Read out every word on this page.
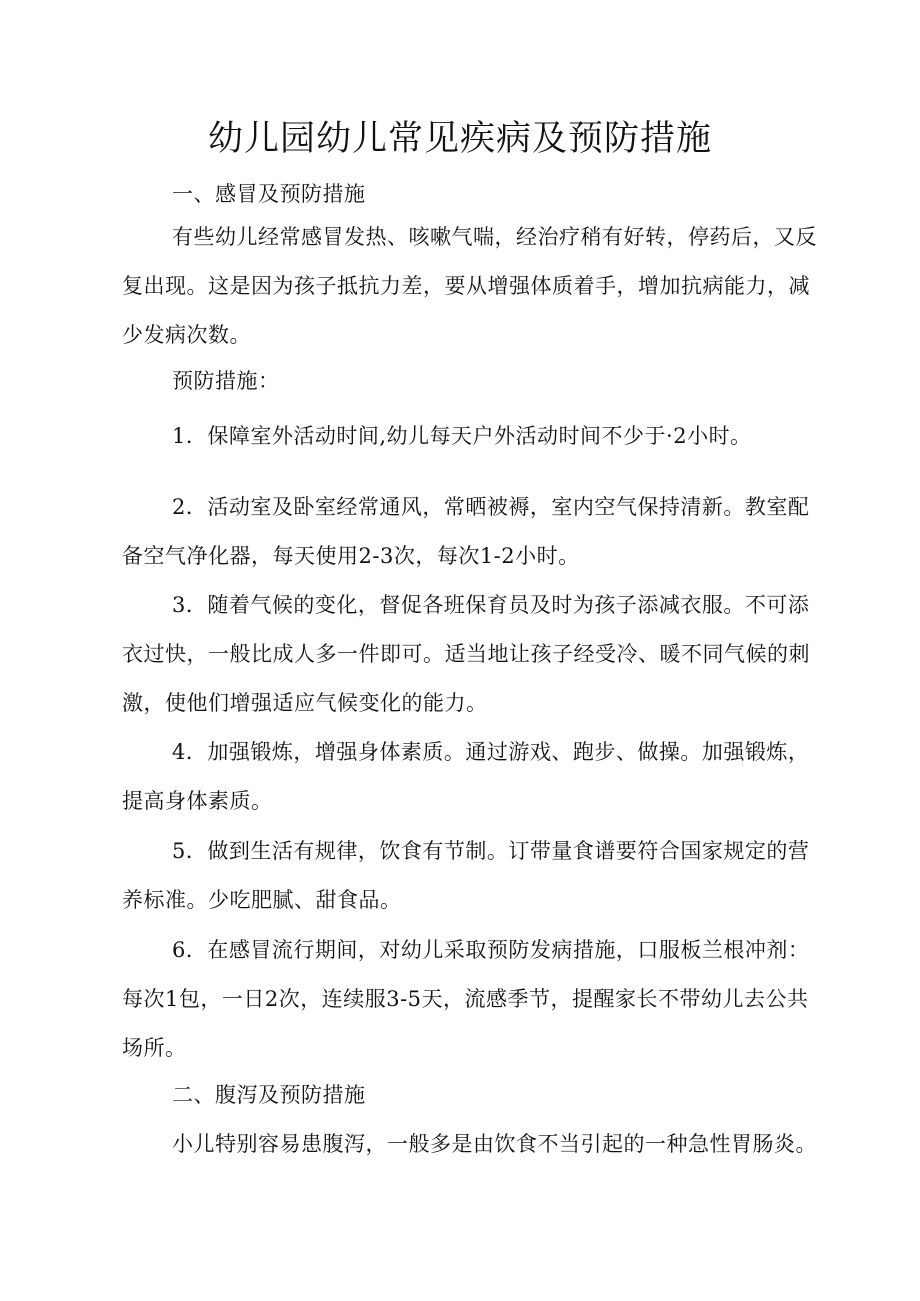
幼儿园幼儿常见疾病及预防措施

一、感冒及预防措施

有些幼儿经常感冒发热、咳嗽气喘，经治疗稍有好转，停药后，又反复出现。这是因为孩子抵抗力差，要从增强体质着手，增加抗病能力，减少发病次数。

预防措施：

1．保障室外活动时间,幼儿每天户外活动时间不少于·2小时。

2．活动室及卧室经常通风，常晒被褥，室内空气保持清新。教室配备空气净化器，每天使用2-3次，每次1-2小时。

3．随着气候的变化，督促各班保育员及时为孩子添减衣服。不可添衣过快，一般比成人多一件即可。适当地让孩子经受冷、暖不同气候的刺激，使他们增强适应气候变化的能力。

4．加强锻炼，增强身体素质。通过游戏、跑步、做操。加强锻炼，提高身体素质。

5．做到生活有规律，饮食有节制。订带量食谱要符合国家规定的营养标准。少吃肥腻、甜食品。

6．在感冒流行期间，对幼儿采取预防发病措施，口服板兰根冲剂：每次1包，一日2次，连续服3-5天，流感季节，提醒家长不带幼儿去公共场所。

二、腹泻及预防措施

小儿特别容易患腹泻，一般多是由饮食不当引起的一种急性胃肠炎。
